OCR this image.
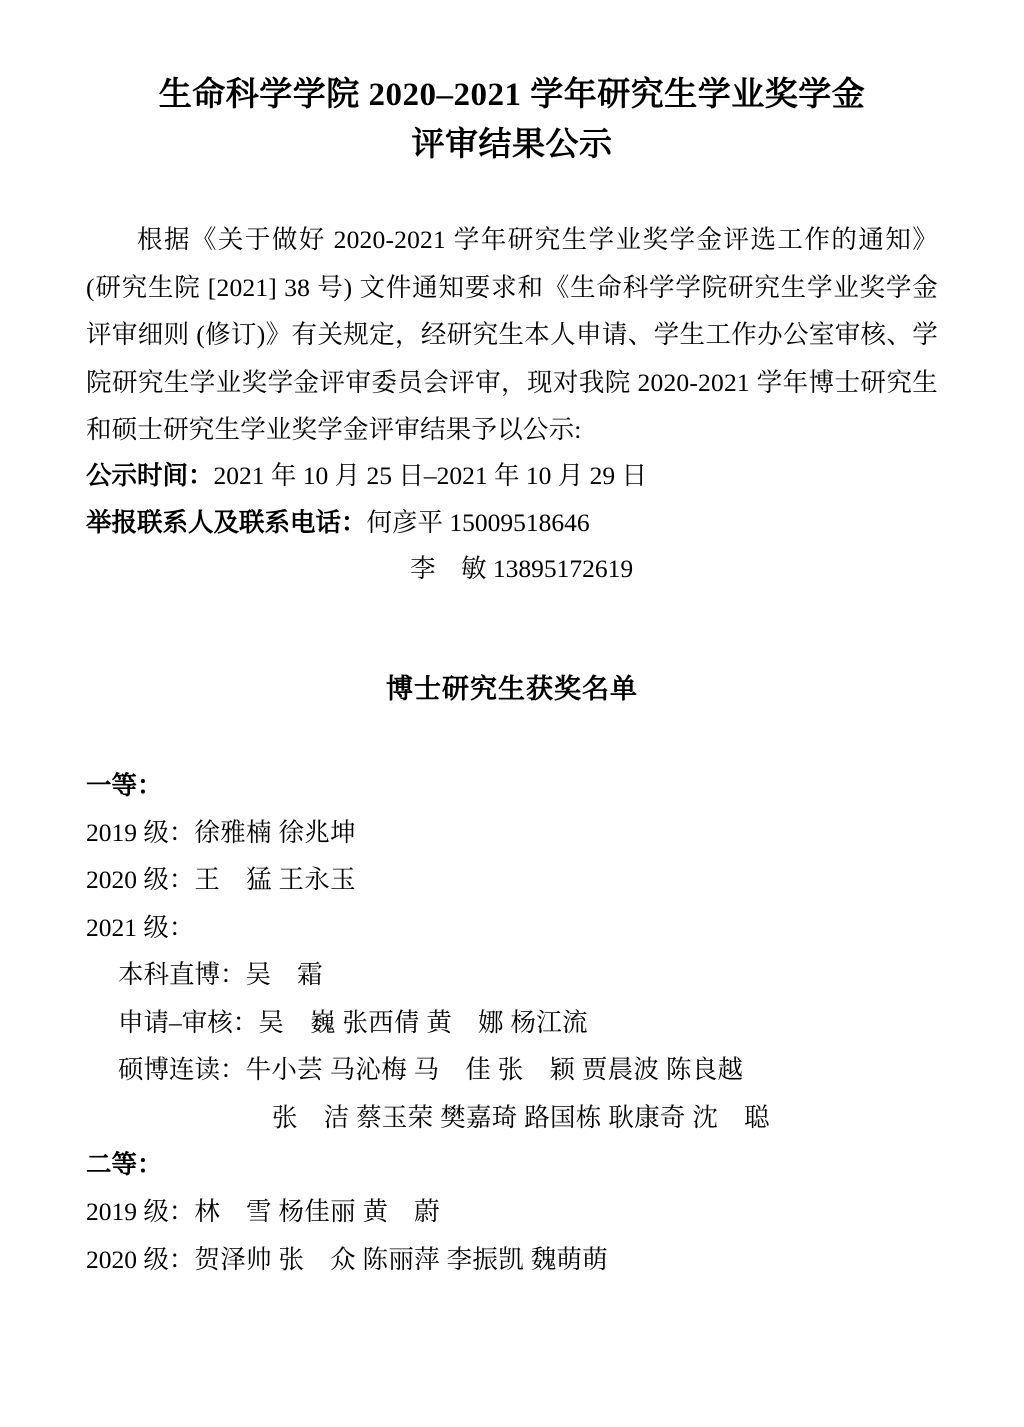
生命科学学院 2020–2021 学年研究生学业奖学金
评审结果公示

根据《关于做好 2020-2021 学年研究生学业奖学金评选工作的通知》(研究生院 [2021] 38 号) 文件通知要求和《生命科学学院研究生学业奖学金评审细则 (修订)》有关规定，经研究生本人申请、学生工作办公室审核、学院研究生学业奖学金评审委员会评审，现对我院 2020-2021 学年博士研究生和硕士研究生学业奖学金评审结果予以公示:

公示时间：2021 年 10 月 25 日–2021 年 10 月 29 日

举报联系人及联系电话：何彦平 15009518646

李　敏 13895172619

博士研究生获奖名单

一等：

2019 级：徐雅楠 徐兆坤

2020 级：王　猛 王永玉

2021 级：

本科直博：吴　霜

申请–审核：吴　巍 张西倩 黄　娜 杨江流

硕博连读：牛小芸 马沁梅 马　佳 张　颖 贾晨波 陈良越

张　洁 蔡玉荣 樊嘉琦 路国栋 耿康奇 沈　聪

二等：

2019 级：林　雪 杨佳丽 黄　蔚

2020 级：贺泽帅 张　众 陈丽萍 李振凯 魏萌萌
